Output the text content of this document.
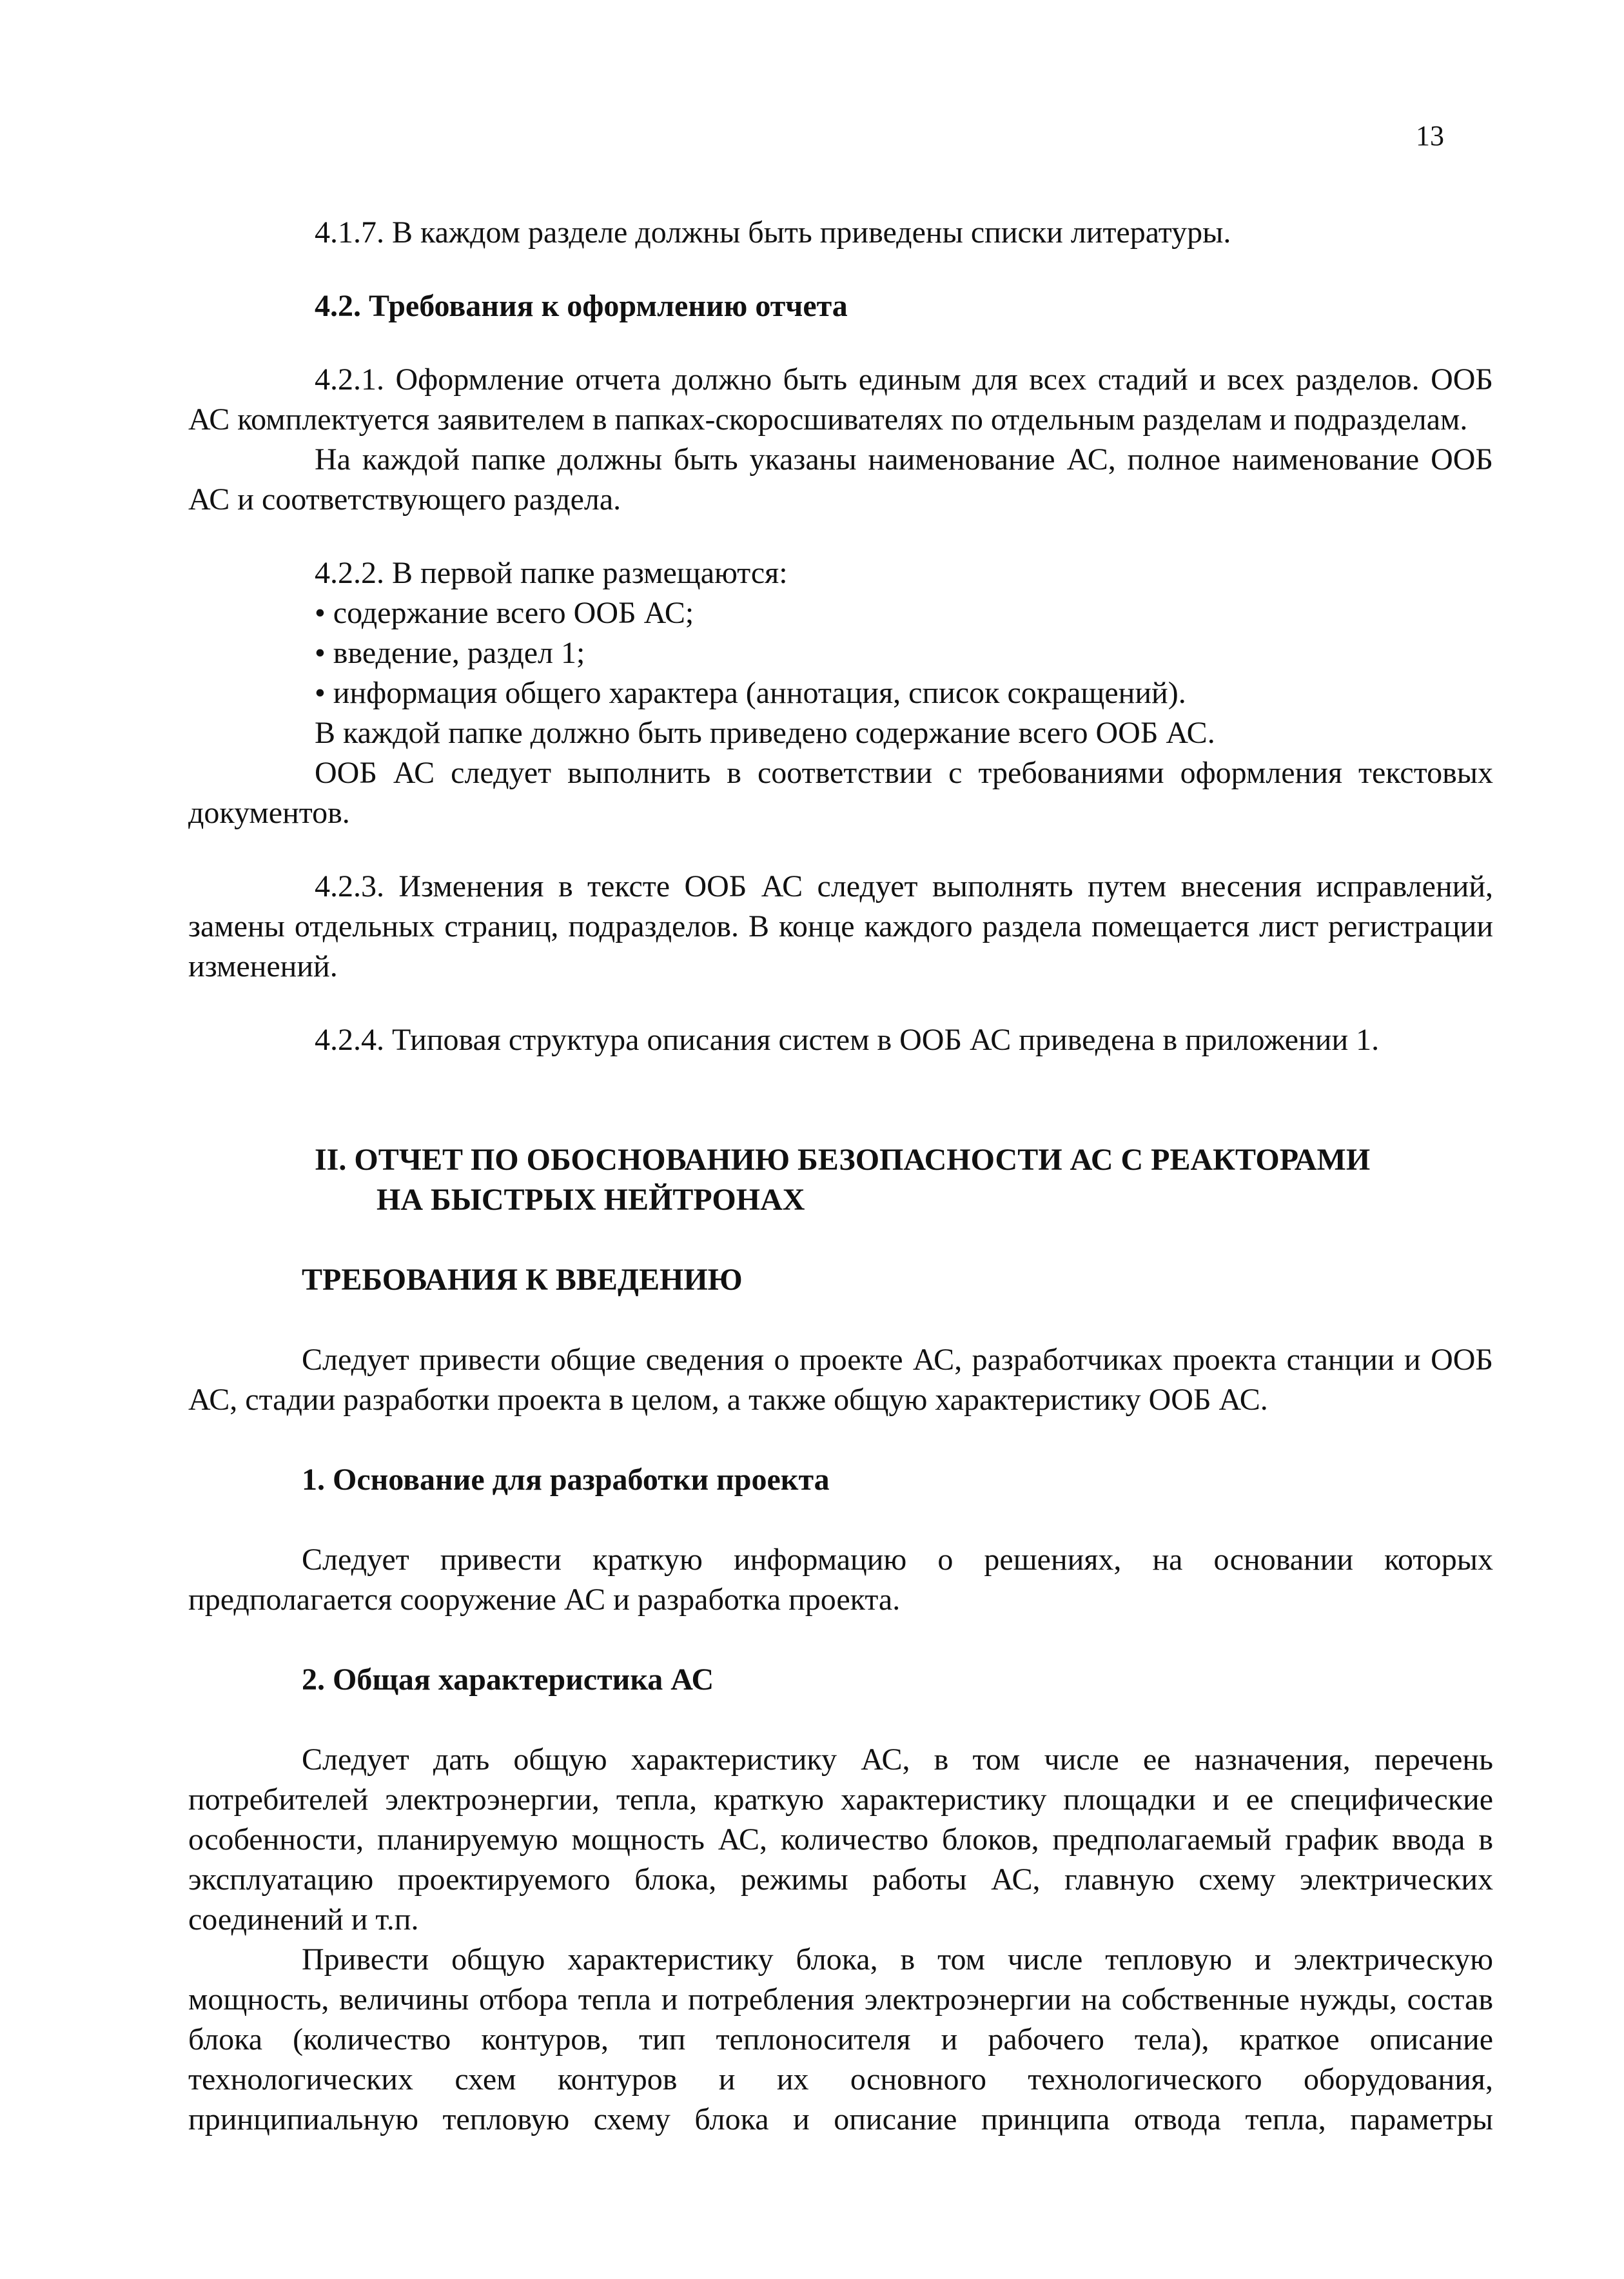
13

4.1.7. В каждом разделе должны быть приведены списки литературы.

4.2. Требования к оформлению отчета

4.2.1. Оформление отчета должно быть единым для всех стадий и всех разделов. ООБ АС комплектуется заявителем в папках-скоросшивателях по отдельным разделам и подразделам.

На каждой папке должны быть указаны наименование АС, полное наименование ООБ АС и соответствующего раздела.

4.2.2. В первой папке размещаются:

• содержание всего ООБ АС;

• введение, раздел 1;

• информация общего характера (аннотация, список сокращений).

В каждой папке должно быть приведено содержание всего ООБ АС.

ООБ АС следует выполнить в соответствии с требованиями оформления текстовых документов.

4.2.3. Изменения в тексте ООБ АС следует выполнять путем внесения исправлений, замены отдельных страниц, подразделов. В конце каждого раздела помещается лист регистрации изменений.

4.2.4. Типовая структура описания систем в ООБ АС приведена в приложении 1.

II. ОТЧЕТ ПО ОБОСНОВАНИЮ БЕЗОПАСНОСТИ АС С РЕАКТОРАМИ
НА БЫСТРЫХ НЕЙТРОНАХ

ТРЕБОВАНИЯ К ВВЕДЕНИЮ

Следует привести общие сведения о проекте АС, разработчиках проекта станции и ООБ АС, стадии разработки проекта в целом, а также общую характеристику ООБ АС.

1. Основание для разработки проекта

Следует привести краткую информацию о решениях, на основании которых предполагается сооружение АС и разработка проекта.

2. Общая характеристика АС

Следует дать общую характеристику АС, в том числе ее назначения, перечень потребителей электроэнергии, тепла, краткую характеристику площадки и ее специфические особенности, планируемую мощность АС, количество блоков, предполагаемый график ввода в эксплуатацию проектируемого блока, режимы работы АС, главную схему электрических соединений и т.п.

Привести общую характеристику блока, в том числе тепловую и электрическую мощность, величины отбора тепла и потребления электроэнергии на собственные нужды, состав блока (количество контуров, тип теплоносителя и рабочего тела), краткое описание технологических схем контуров и их основного технологического оборудования, принципиальную тепловую схему блока и описание принципа отвода тепла, параметры
